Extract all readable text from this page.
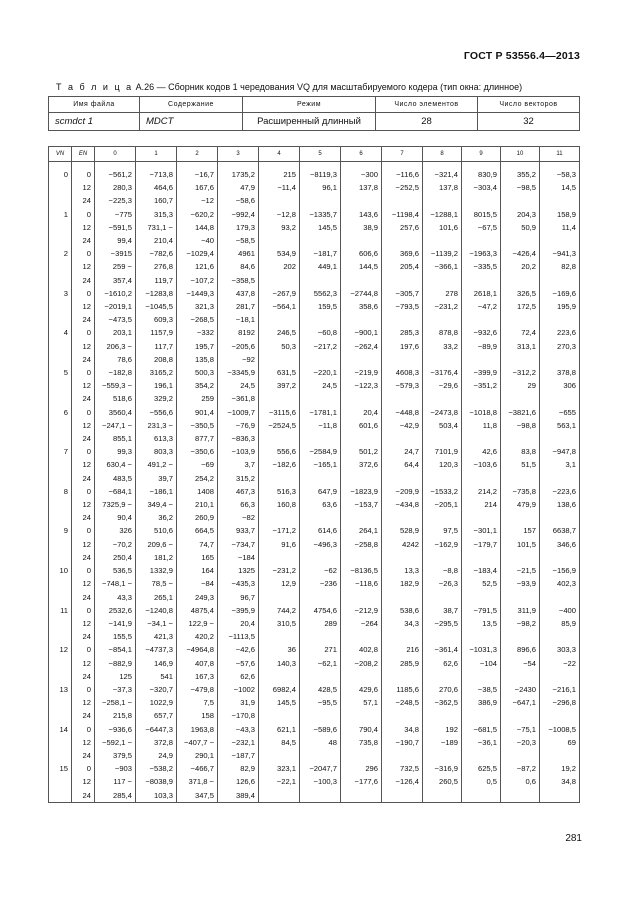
ГОСТ Р 53556.4—2013
Т а б л и ц а А.26 — Сборник кодов 1 чередования VQ для масштабируемого кодера (тип окна: длинное)
Имя файла	Содержание	Режим	Число элементов	Число векторов
scmdct 1	MDCT	Расширенный длинный	28	32
VN	EN	0	1	2	3	4	5	6	7	8	9	10	11

0	0	−561,2	−713,8	−16,7	1735,2	215	−8119,3	−300	−116,6	−321,4	830,9	355,2	−58,3
	12	280,3	464,6	167,6	47,9	−11,4	96,1	137,8	−252,5	137,8	−303,4	−98,5	14,5
	24	−225,3	160,7	−12	−58,6								
1	0	−775	315,3	−620,2	−992,4	−12,8	−1335,7	143,6	−1198,4	−1288,1	8015,5	204,3	158,9
	12	−591,5	731,1 −	144,8	179,3	93,2	145,5	38,9	257,6	101,6	−67,5	50,9	11,4
	24	99,4	210,4	−40	−58,5								
2	0	−3915	−782,6	−1029,4	4961	534,9	−181,7	606,6	369,6	−1139,2	−1963,3	−426,4	−941,3
	12	259 −	276,8	121,6	84,6	202	449,1	144,5	205,4	−366,1	−335,5	20,2	82,8
	24	357,4	119,7	−107,2	−358,5								
3	0	−1610,2	−1283,8	−1449,3	437,8	−267,9	5562,3	−2744,8	−305,7	278	2618,1	326,5	−169,6
	12	−2019,1	−1045,5	321,3	281,7	−564,1	159,5	358,6	−793,5	−231,2	−47,2	172,5	195,9
	24	−473,5	609,3	−268,5	−18,1								
4	0	203,1	1157,9	−332	8192	246,5	−60,8	−900,1	285,3	878,8	−932,6	72,4	223,6
	12	206,3 −	117,7	195,7	−205,6	50,3	−217,2	−262,4	197,6	33,2	−89,9	313,1	270,3
	24	78,6	208,8	135,8	−92								
5	0	−182,8	3165,2	500,3	−3345,9	631,5	−220,1	−219,9	4608,3	−3176,4	−399,9	−312,2	378,8
	12	−559,3 −	196,1	354,2	24,5	397,2	24,5	−122,3	−579,3	−29,6	−351,2	29	306
	24	518,6	329,2	259	−361,8								
6	0	3560,4	−556,6	901,4	−1009,7	−3115,6	−1781,1	20,4	−448,8	−2473,8	−1018,8	−3821,6	−655
	12	−247,1 −	231,3 −	−350,5	−76,9	−2524,5	−11,8	601,6	−42,9	503,4	11,8	−98,8	563,1
	24	855,1	613,3	877,7	−836,3								
7	0	99,3	803,3	−350,6	−103,9	556,6	−2584,9	501,2	24,7	7101,9	42,6	83,8	−947,8
	12	630,4 −	491,2 −	−69	3,7	−182,6	−165,1	372,6	64,4	120,3	−103,6	51,5	3,1
	24	483,5	39,7	254,2	315,2								
8	0	−684,1	−186,1	1408	467,3	516,3	647,9	−1823,9	−209,9	−1533,2	214,2	−735,8	−223,6
	12	7325,9 −	349,4 −	210,1	66,3	160,8	63,6	−153,7	−434,8	−205,1	214	479,9	138,6
	24	90,4	36,2	260,9	−82								
9	0	326	510,6	664,5	933,7	−171,2	614,6	264,1	528,9	97,5	−301,1	157	6638,7
	12	−70,2	209,6 −	74,7	−734,7	91,6	−496,3	−258,8	4242	−162,9	−179,7	101,5	346,6
	24	250,4	181,2	165	−184								
10	0	536,5	1332,9	164	1325	−231,2	−62	−8136,5	13,3	−8,8	−183,4	−21,5	−156,9
	12	−748,1 −	78,5 −	−84	−435,3	12,9	−236	−118,6	182,9	−26,3	52,5	−93,9	402,3
	24	43,3	265,1	249,3	96,7								
11	0	2532,6	−1240,8	4875,4	−395,9	744,2	4754,6	−212,9	538,6	38,7	−791,5	311,9	−400
	12	−141,9	−34,1 −	122,9 −	20,4	310,5	289	−264	34,3	−295,5	13,5	−98,2	85,9
	24	155,5	421,3	420,2	−1113,5								
12	0	−854,1	−4737,3	−4964,8	−42,6	36	271	402,8	216	−361,4	−1031,3	896,6	303,3
	12	−882,9	146,9	407,8	−57,6	140,3	−62,1	−208,2	285,9	62,6	−104	−54	−22
	24	125	541	167,3	62,6								
13	0	−37,3	−320,7	−479,8	−1002	6982,4	428,5	429,6	1185,6	270,6	−38,5	−2430	−216,1
	12	−258,1 −	1022,9	7,5	31,9	145,5	−95,5	57,1	−248,5	−362,5	386,9	−647,1	−296,8
	24	215,8	657,7	158	−170,8								
14	0	−936,6	−6447,3	1963,8	−43,3	621,1	−589,6	790,4	34,8	192	−681,5	−75,1	−1008,5
	12	−592,1 −	372,8	−407,7 −	−232,1	84,5	48	735,8	−190,7	−189	−36,1	−20,3	69
	24	379,5	24,9	290,1	−187,7								
15	0	−903	−538,2	−466,7	82,9	323,1	−2047,7	296	732,5	−316,9	625,5	−87,2	19,2
	12	117 −	−8038,9	371,8 −	126,6	−22,1	−100,3	−177,6	−126,4	260,5	0,5	0,6	34,8
	24	285,4	103,3	347,5	389,4								
281
